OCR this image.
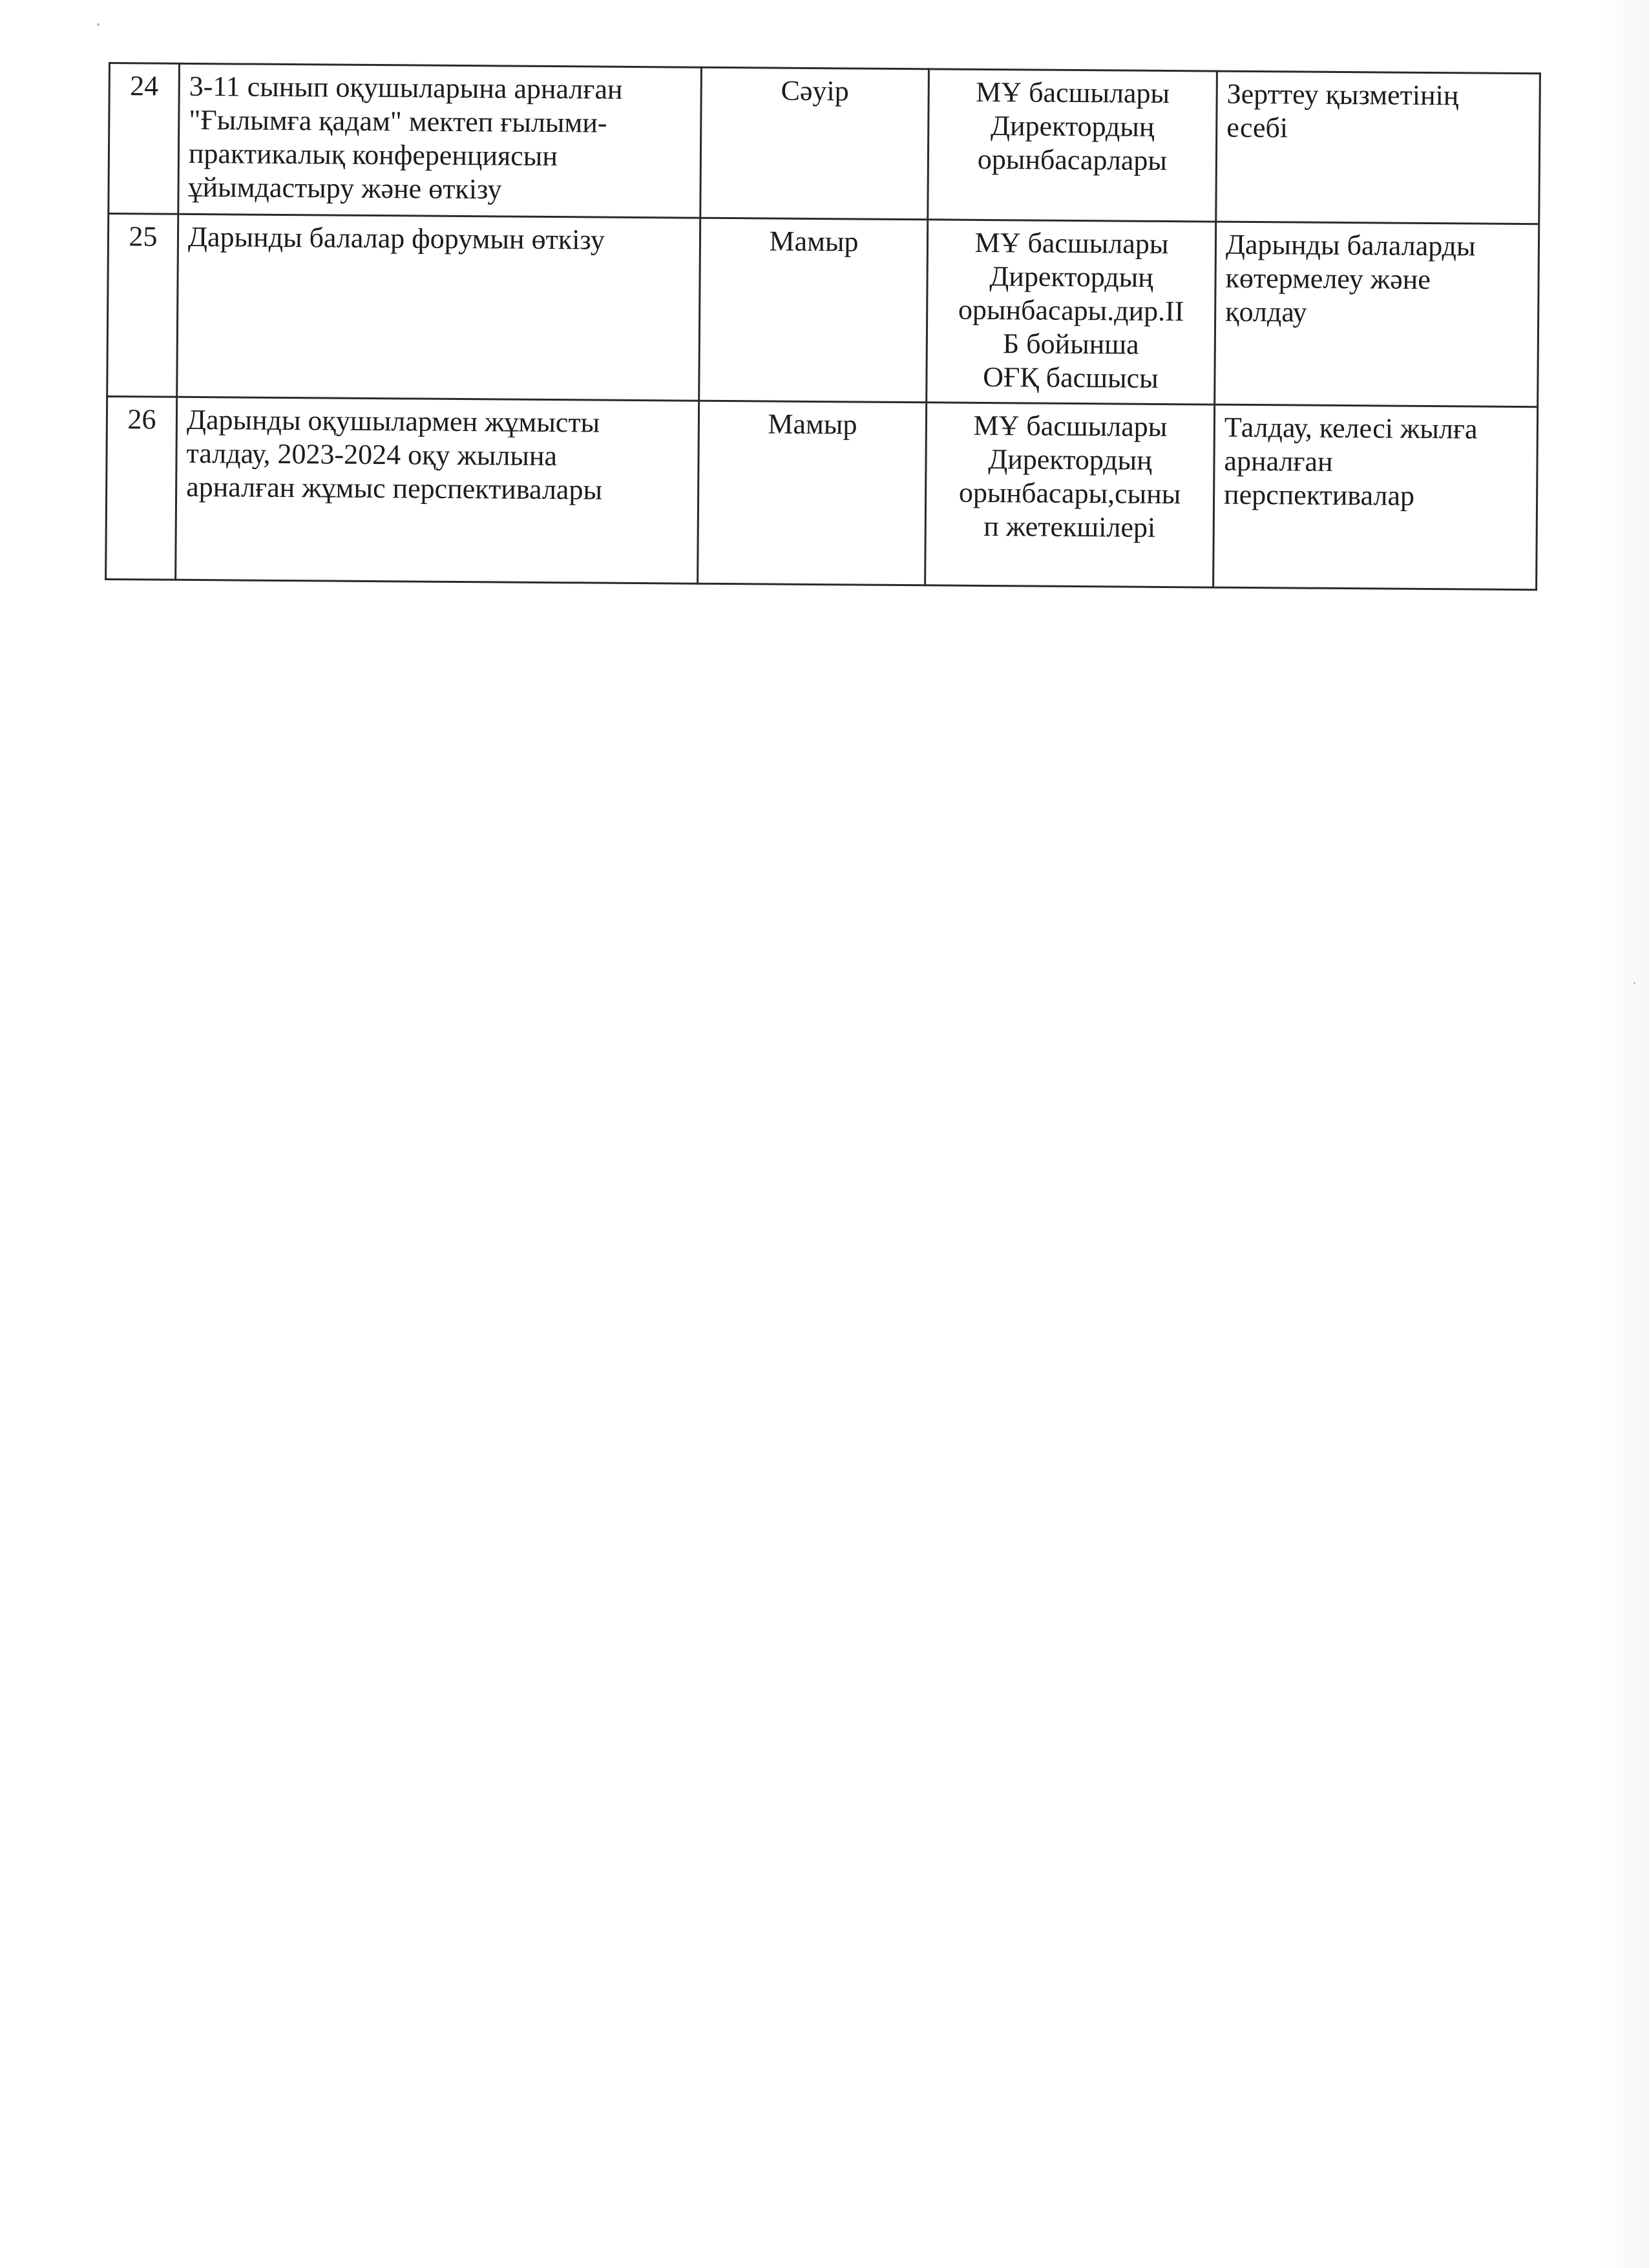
24	3-11 сынып оқушыларына арналған
"Ғылымға қадам" мектеп ғылыми-
практикалық конференциясын
ұйымдастыру және өткізу	Сәуір	МҰ басшылары
Директордың
орынбасарлары	Зерттеу қызметінің
есебі

25	Дарынды балалар форумын өткізу	Мамыр	МҰ басшылары
Директордың
орынбасары.дир.II
Б бойынша
ОҒҚ басшысы	Дарынды балаларды
көтермелеу және
қолдау

26	Дарынды оқушылармен жұмысты
талдау, 2023-2024 оқу жылына
арналған жұмыс перспективалары	Мамыр	МҰ басшылары
Директордың
орынбасары,сыны
п жетекшілері	Талдау, келесі жылға
арналған
перспективалар
